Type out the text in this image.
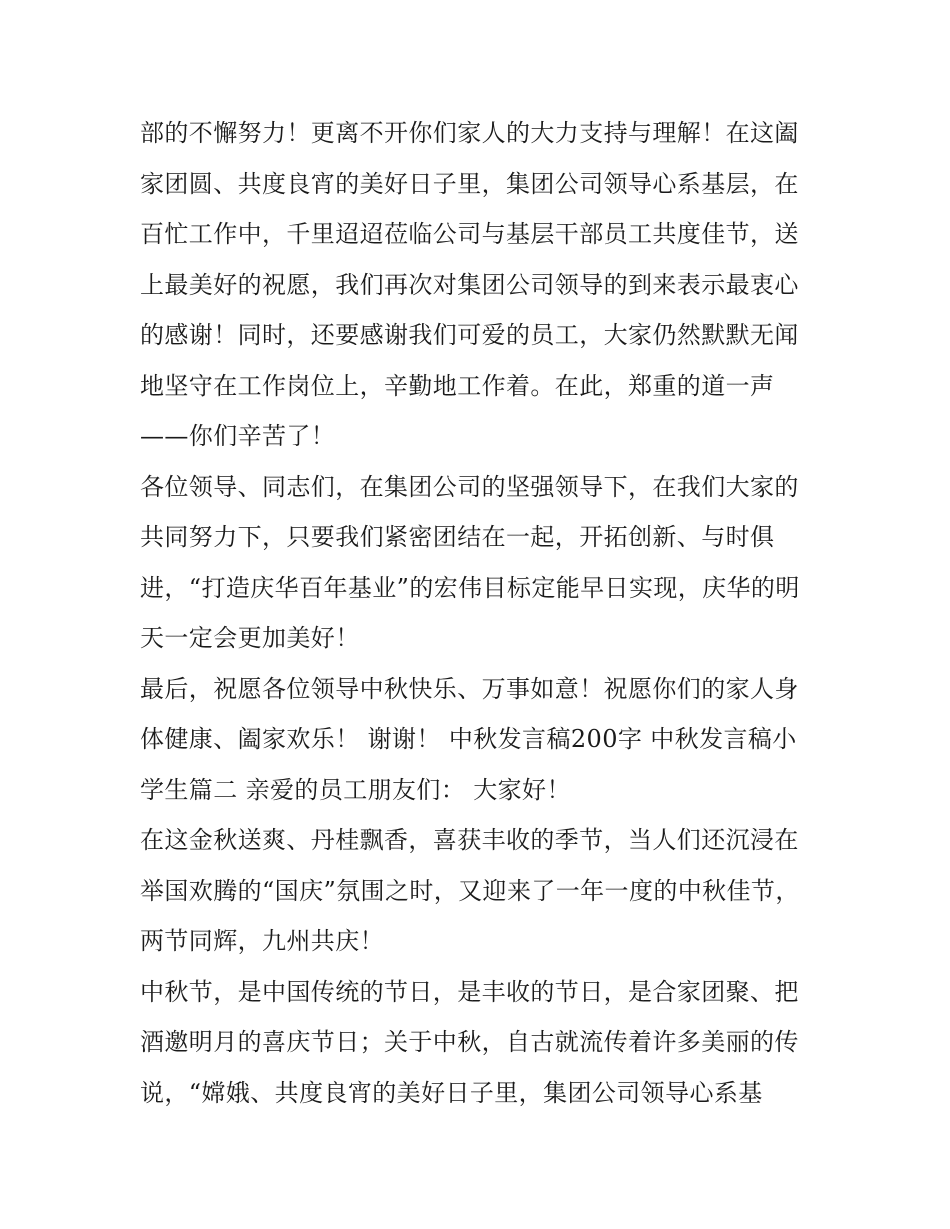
部的不懈努力！更离不开你们家人的大力支持与理解！在这阖
家团圆、共度良宵的美好日子里，集团公司领导心系基层，在
百忙工作中，千里迢迢莅临公司与基层干部员工共度佳节，送
上最美好的祝愿，我们再次对集团公司领导的到来表示最衷心
的感谢！同时，还要感谢我们可爱的员工，大家仍然默默无闻
地坚守在工作岗位上，辛勤地工作着。在此，郑重的道一声
——你们辛苦了！
各位领导、同志们，在集团公司的坚强领导下，在我们大家的
共同努力下，只要我们紧密团结在一起，开拓创新、与时俱
进，“打造庆华百年基业”的宏伟目标定能早日实现，庆华的明
天一定会更加美好！
最后，祝愿各位领导中秋快乐、万事如意！祝愿你们的家人身
体健康、阖家欢乐！ 谢谢！ 中秋发言稿200字 中秋发言稿小
学生篇二 亲爱的员工朋友们： 大家好！
在这金秋送爽、丹桂飘香，喜获丰收的季节，当人们还沉浸在
举国欢腾的“国庆”氛围之时，又迎来了一年一度的中秋佳节，
两节同辉，九州共庆！
中秋节，是中国传统的节日，是丰收的节日，是合家团聚、把
酒邀明月的喜庆节日；关于中秋，自古就流传着许多美丽的传
说，“嫦娥、共度良宵的美好日子里，集团公司领导心系基
